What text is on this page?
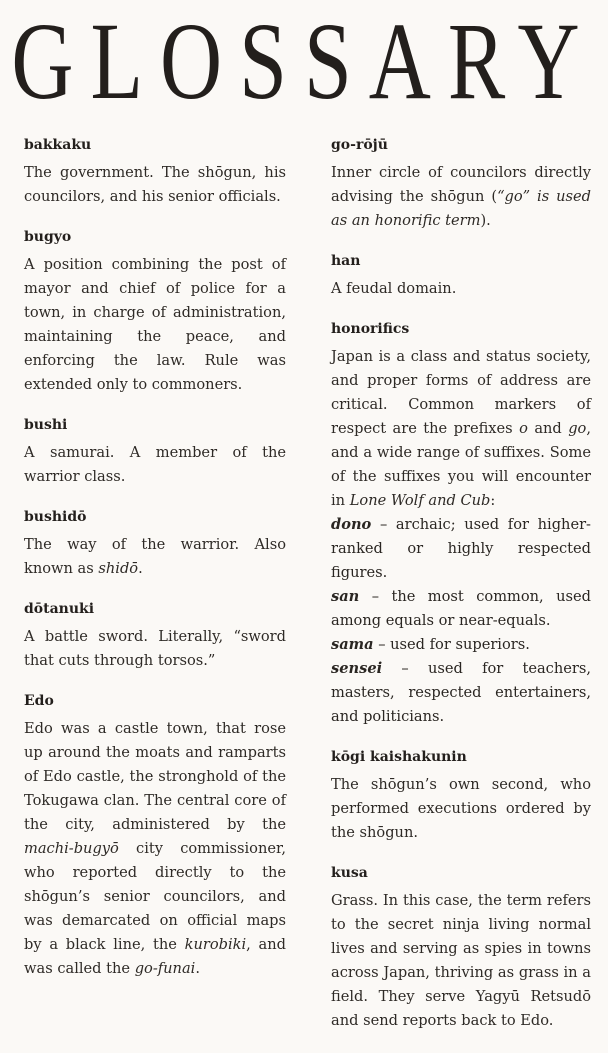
GLOSSARY
bakkaku
The government. The shōgun, his councilors, and his senior officials.
bugyo
A position combining the post of mayor and chief of police for a town, in charge of administration, maintaining the peace, and enforcing the law. Rule was extended only to commoners.
bushi
A samurai. A member of the warrior class.
bushidō
The way of the warrior. Also known as shidō.
dōtanuki
A battle sword. Literally, “sword that cuts through torsos.”
Edo
Edo was a castle town, that rose up around the moats and ramparts of Edo castle, the stronghold of the Tokugawa clan. The central core of the city, administered by the machi-bugyō city commissioner, who reported directly to the shōgun’s senior councilors, and was demarcated on official maps by a black line, the kurobiki, and was called the go-funai.
go-rōjū
Inner circle of councilors directly advising the shōgun (“go” is used as an honorific term).
han
A feudal domain.
honorifics
Japan is a class and status society, and proper forms of address are critical. Common markers of respect are the prefixes o and go, and a wide range of suffixes. Some of the suffixes you will encounter in Lone Wolf and Cub:
dono – archaic; used for higher-ranked or highly respected figures.
san – the most common, used among equals or near-equals.
sama – used for superiors.
sensei – used for teachers, masters, respected entertainers, and politicians.
kōgi kaishakunin
The shōgun’s own second, who performed executions ordered by the shōgun.
kusa
Grass. In this case, the term refers to the secret ninja living normal lives and serving as spies in towns across Japan, thriving as grass in a field. They serve Yagyū Retsudō and send reports back to Edo.
